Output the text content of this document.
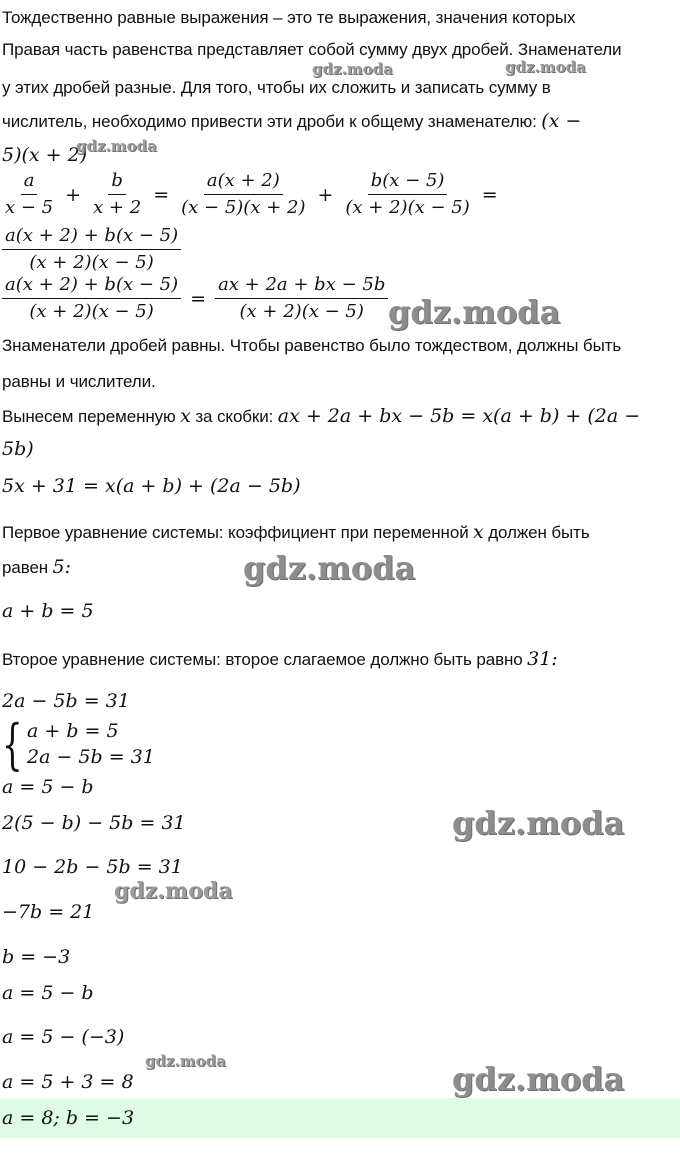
Тождественно равные выражения – это те выражения, значения которых
Правая часть равенства представляет собой сумму двух дробей. Знаменатели
у этих дробей разные. Для того, чтобы их сложить и записать сумму в
числитель, необходимо привести эти дроби к общему знаменателю: (x −
5)(x + 2)
$\frac{a}{x - 5} + \frac{b}{x + 2} = \frac{a(x + 2)}{(x - 5)(x + 2)} + \frac{b(x - 5)}{(x + 2)(x - 5)}$ =
$\frac{a(x + 2) + b(x - 5)}{(x + 2)(x - 5)}$
$\frac{a(x + 2) + b(x - 5)}{(x + 2)(x - 5)} = \frac{ax + 2a + bx - 5b}{(x + 2)(x - 5)}$
Знаменатели дробей равны. Чтобы равенство было тождеством, должны быть
равны и числители.
Вынесем переменную x за скобки: ax + 2a + bx − 5b = x(a + b) + (2a −
5b)
5x + 31 = x(a + b) + (2a − 5b)
Первое уравнение системы: коэффициент при переменной x должен быть
равен 5:
a + b = 5
Второе уравнение системы: второе слагаемое должно быть равно 31:
2a − 5b = 31
{ a + b = 5
2a − 5b = 31
a = 5 − b
2(5 − b) − 5b = 31
10 − 2b − 5b = 31
−7b = 21
b = −3
a = 5 − b
a = 5 − (−3)
a = 5 + 3 = 8
a = 8; b = −3
gdz.moda	gdz.moda
gdz.moda
gdz.moda
gdz.moda
gdz.moda
gdz.moda
gdz.moda	gdz.moda
